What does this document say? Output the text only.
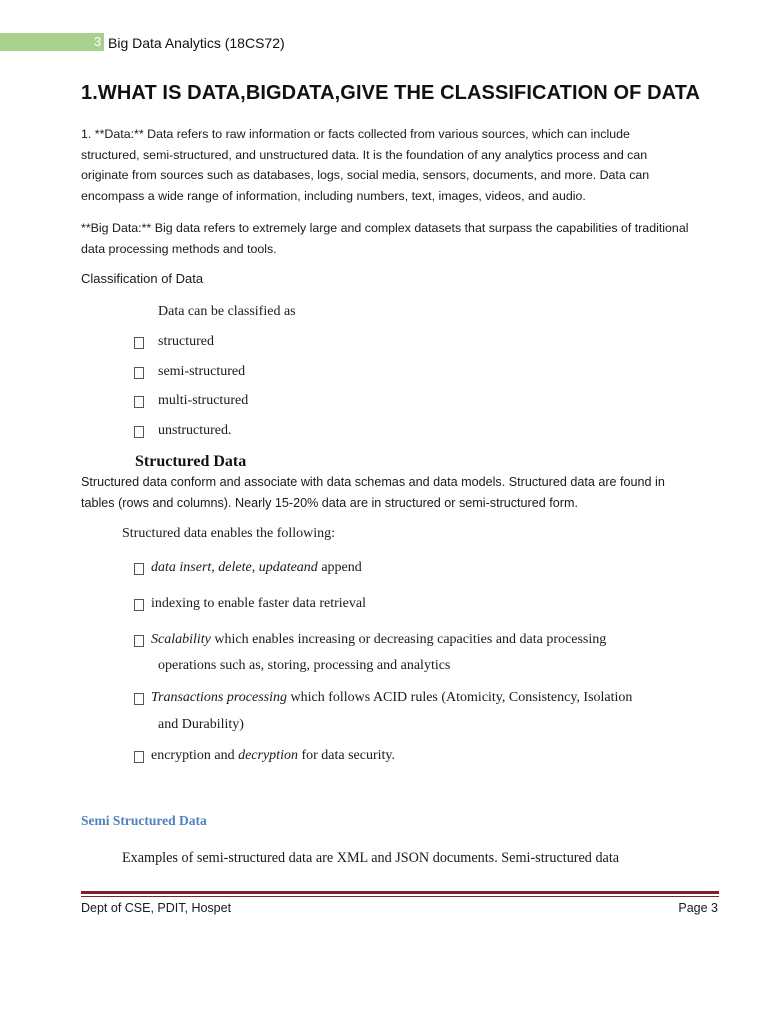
3 Big Data Analytics (18CS72)
1.WHAT IS DATA,BIGDATA,GIVE THE CLASSIFICATION OF DATA
1. **Data:** Data refers to raw information or facts collected from various sources, which can include
structured, semi-structured, and unstructured data. It is the foundation of any analytics process and can
originate from sources such as databases, logs, social media, sensors, documents, and more. Data can
encompass a wide range of information, including numbers, text, images, videos, and audio.
**Big Data:** Big data refers to extremely large and complex datasets that surpass the capabilities of traditional
data processing methods and tools.
Classification of Data
Data can be classified as
structured
semi-structured
multi-structured
unstructured.
Structured Data
Structured data conform and associate with data schemas and data models. Structured data are found in
tables (rows and columns). Nearly 15-20% data are in structured or semi-structured form.
Structured data enables the following:
data insert, delete, updateand append
indexing to enable faster data retrieval
Scalability which enables increasing or decreasing capacities and data processing
operations such as, storing, processing and analytics
Transactions processing which follows ACID rules (Atomicity, Consistency, Isolation
and Durability)
encryption and decryption for data security.
Semi Structured Data
Examples of semi-structured data are XML and JSON documents. Semi-structured data
Dept of CSE, PDIT, Hospet	Page 3
